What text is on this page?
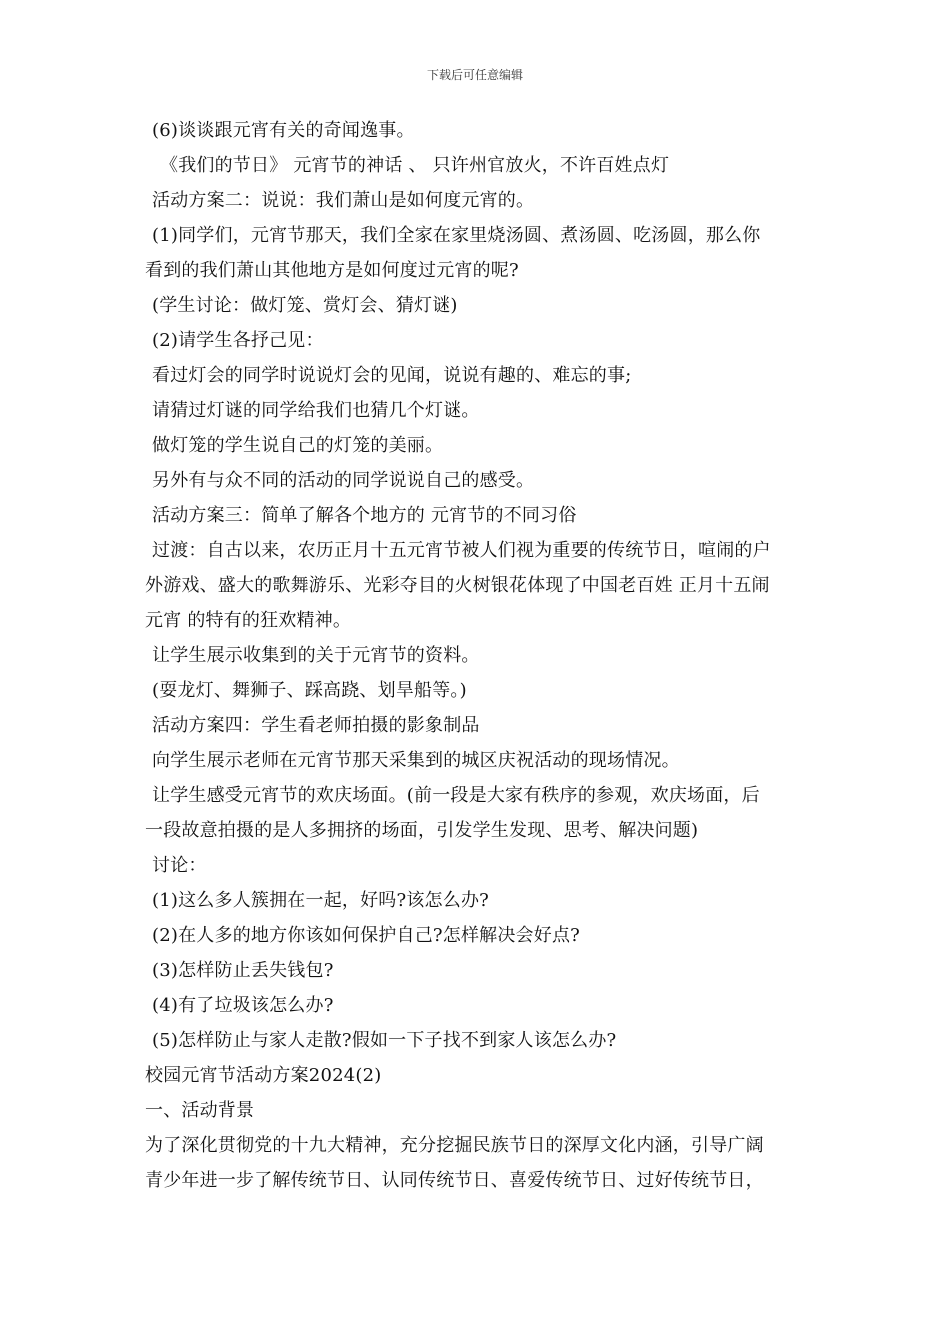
下载后可任意编辑
(6)谈谈跟元宵有关的奇闻逸事。
《我们的节日》 元宵节的神话 、 只许州官放火，不许百姓点灯
活动方案二：说说：我们萧山是如何度元宵的。
(1)同学们，元宵节那天，我们全家在家里烧汤圆、煮汤圆、吃汤圆，那么你
看到的我们萧山其他地方是如何度过元宵的呢?
(学生讨论：做灯笼、赏灯会、猜灯谜)
(2)请学生各抒己见：
看过灯会的同学时说说灯会的见闻，说说有趣的、难忘的事;
请猜过灯谜的同学给我们也猜几个灯谜。
做灯笼的学生说自己的灯笼的美丽。
另外有与众不同的活动的同学说说自己的感受。
活动方案三：简单了解各个地方的 元宵节的不同习俗
过渡：自古以来，农历正月十五元宵节被人们视为重要的传统节日，喧闹的户
外游戏、盛大的歌舞游乐、光彩夺目的火树银花体现了中国老百姓 正月十五闹
元宵 的特有的狂欢精神。
让学生展示收集到的关于元宵节的资料。
(耍龙灯、舞狮子、踩高跷、划旱船等。)
活动方案四：学生看老师拍摄的影象制品
向学生展示老师在元宵节那天采集到的城区庆祝活动的现场情况。
让学生感受元宵节的欢庆场面。(前一段是大家有秩序的参观，欢庆场面，后
一段故意拍摄的是人多拥挤的场面，引发学生发现、思考、解决问题)
讨论：
(1)这么多人簇拥在一起，好吗?该怎么办?
(2)在人多的地方你该如何保护自己?怎样解决会好点?
(3)怎样防止丢失钱包?
(4)有了垃圾该怎么办?
(5)怎样防止与家人走散?假如一下子找不到家人该怎么办?
校园元宵节活动方案2024(2)
一、活动背景
为了深化贯彻党的十九大精神，充分挖掘民族节日的深厚文化内涵，引导广阔
青少年进一步了解传统节日、认同传统节日、喜爱传统节日、过好传统节日，
